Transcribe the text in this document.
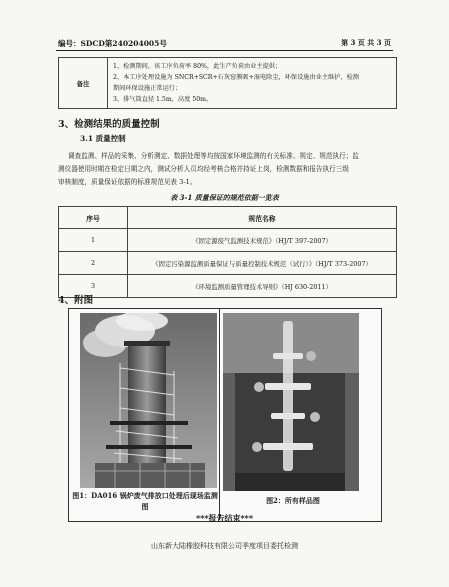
编号：SDCD第240204005号	第 3 页 共 3 页
备注	
1、检测期间，该工序负荷率 80%，此生产负荷由业主提供；
2、本工序处理设施为 SNCR+SCR+石灰窑膜吸+湿电除尘，环保设施由业主维护，检测
期间环保设施正常运行；
3、排气筒直径 1.5m，高度 50m。
3、检测结果的质量控制
3.1 质量控制
调查监测、样品的采集、分析测定、数据处理等均按国家环境监测的有关标准、规定、规范执行；监
测仪器使用时期在检定日期之内，测试分析人员均经考核合格并持证上岗，检测数据和报告执行三级
审核制度，质量保证依据的标准规范见表 3-1。
表 3-1 质量保证的规范依据一览表
序号	规范名称
1	《固定源废气监测技术规范》（HJ/T 397-2007）
2	《固定污染源监测质量保证与质量控制技术规范（试行）》（HJ/T 373-2007）
3	《环境监测质量管理技术导则》（HJ 630-2011）
4、附图
图1：DA016 锅炉废气排放口处理后现场监测图
图2：所有样品图
***报告结束***
山东新大陆橡胶科技有限公司季度项目委托检测
